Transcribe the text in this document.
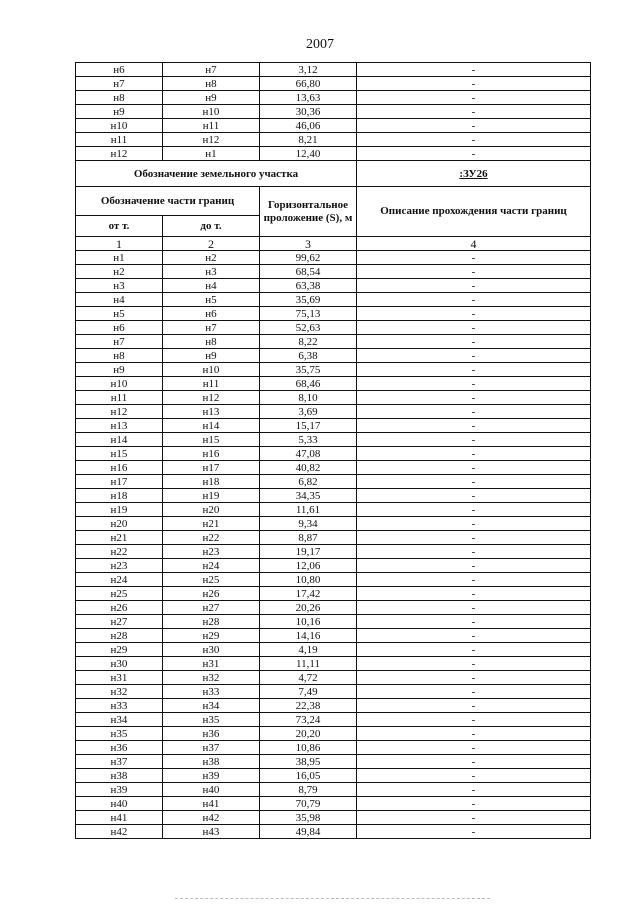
2007
н6	н7	3,12	-
н7	н8	66,80	-
н8	н9	13,63	-
н9	н10	30,36	-
н10	н11	46,06	-
н11	н12	8,21	-
н12	н1	12,40	-
Обозначение земельного участка			:ЗУ26
Обозначение части границ		Горизонтальное проложение (S), м	Описание прохождения части границ
от т.	до т.		
1	2	3	4
н1	н2	99,62	-
н2	н3	68,54	-
н3	н4	63,38	-
н4	н5	35,69	-
н5	н6	75,13	-
н6	н7	52,63	-
н7	н8	8,22	-
н8	н9	6,38	-
н9	н10	35,75	-
н10	н11	68,46	-
н11	н12	8,10	-
н12	н13	3,69	-
н13	н14	15,17	-
н14	н15	5,33	-
н15	н16	47,08	-
н16	н17	40,82	-
н17	н18	6,82	-
н18	н19	34,35	-
н19	н20	11,61	-
н20	н21	9,34	-
н21	н22	8,87	-
н22	н23	19,17	-
н23	н24	12,06	-
н24	н25	10,80	-
н25	н26	17,42	-
н26	н27	20,26	-
н27	н28	10,16	-
н28	н29	14,16	-
н29	н30	4,19	-
н30	н31	11,11	-
н31	н32	4,72	-
н32	н33	7,49	-
н33	н34	22,38	-
н34	н35	73,24	-
н35	н36	20,20	-
н36	н37	10,86	-
н37	н38	38,95	-
н38	н39	16,05	-
н39	н40	8,79	-
н40	н41	70,79	-
н41	н42	35,98	-
н42	н43	49,84	-
